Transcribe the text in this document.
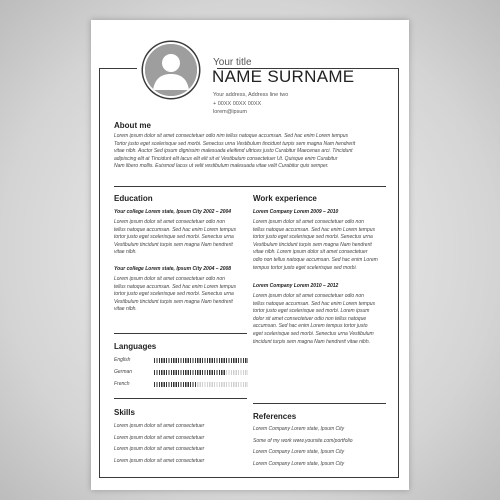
Your title
NAME SURNAME
Your address, Address line two
+ 00XX 00XX 00XX
lorem@ipsum
About me
Lorem ipsum dolor sit amet consectetuer odio nim tellus natoque accumsan. Sed hac enim Lorem tempus
Tortor justo eget scelerisque sed morbi. Senectus urna Vestibulum tincidunt turpis sem magna Nam hendrerit
vitae nibh. Auctor Sed ipsum dignissim malesuada eleifend ultrices justo Curabitur Maecenas arci. Tincidunt
adipiscing elit at Tincidunt elit lacus elit elit sit et Vestibulum consectetuer Ut. Quisque enim Curabitur
Nam libero mollis. Euismod lacus ut velit vestibulum malesuada vitae velit Curabitur quis semper.
Education
Your college Lorem state, Ipsum City 2002 – 2004
Lorem ipsum dolor sit amet consectetuer odio non
tellus natoque accumsan. Sed hac enim Lorem tempus
tortor justo eget scelerisque sed morbi. Senectus urna
Vestibulum tincidunt turpis sem magna Nam hendrerit
vitae nibh.
Your college Lorem state, Ipsum City 2004 – 2008
Lorem ipsum dolor sit amet consectetuer odio non
tellus natoque accumsan. Sed hac enim Lorem tempus
tortor justo eget scelerisque sed morbi. Senectus urna
Vestibulum tincidunt turpis sem magna Nam hendrerit
vitae nibh.
Work experience
Lorem Company Lorem 2009 – 2010
Lorem ipsum dolor sit amet consectetuer odio non
tellus natoque accumsan. Sed hac enim Lorem tempus
tortor justo eget scelerisque sed morbi. Senectus urna
Vestibulum tincidunt turpis sem magna Nam hendrerit
vitae nibh. Lorem ipsum dolor sit amet consectetuer
odio non tellus natoque accumsan. Sed hac enim Lorem
tempus tortor justo eget scelerisque sed morbi.
Lorem Company Lorem 2010 – 2012
Lorem ipsum dolor sit amet consectetuer odio non
tellus natoque accumsan. Sed hac enim Lorem tempus
tortor justo eget scelerisque sed morbi. Lorem ipsum
dolor sit amet consectetuer odio non tellus natoque
accumsan. Sed hac enim Lorem tempus tortor justo
eget scelerisque sed morbi. Senectus urna Vestibulum
tincidunt turpis sem magna Nam hendrerit vitae nibh.
Languages
English
German
French
Skills
Lorem ipsum dolor sit amet consectetuer
Lorem ipsum dolor sit amet consectetuer
Lorem ipsum dolor sit amet consectetuer
Lorem ipsum dolor sit amet consectetuer
References
Lorem Company Lorem state, Ipsum City
Some of my work www.yoursite.com/portfolio
Lorem Company Lorem state, Ipsum City
Lorem Company Lorem state, Ipsum City
